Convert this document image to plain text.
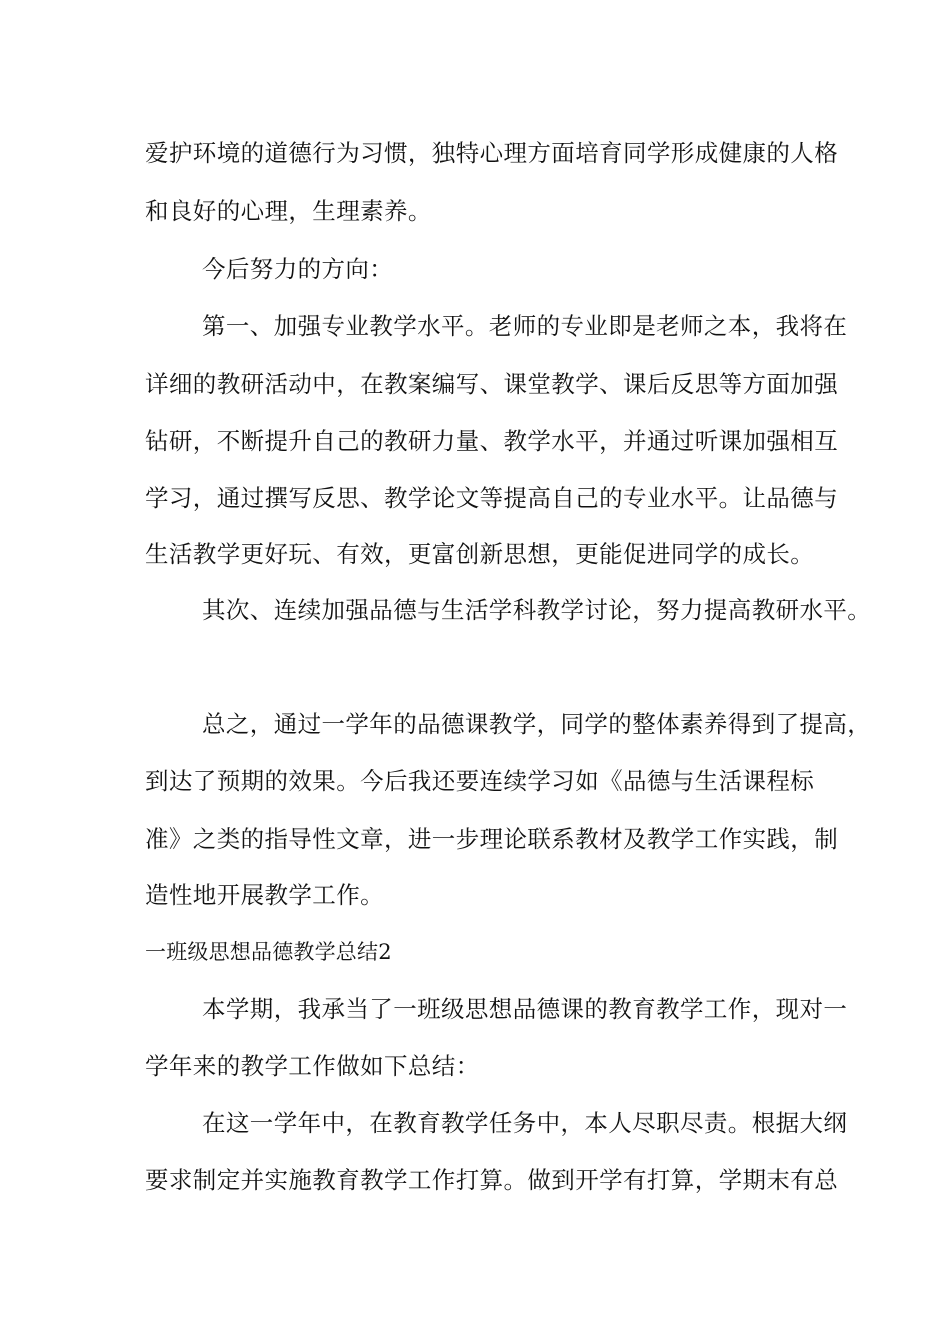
爱护环境的道德行为习惯，独特心理方面培育同学形成健康的人格

和良好的心理，生理素养。

今后努力的方向：

第一、加强专业教学水平。老师的专业即是老师之本，我将在

详细的教研活动中，在教案编写、课堂教学、课后反思等方面加强

钻研，不断提升自己的教研力量、教学水平，并通过听课加强相互

学习，通过撰写反思、教学论文等提高自己的专业水平。让品德与

生活教学更好玩、有效，更富创新思想，更能促进同学的成长。

其次、连续加强品德与生活学科教学讨论，努力提高教研水平。

总之，通过一学年的品德课教学，同学的整体素养得到了提高，

到达了预期的效果。今后我还要连续学习如《品德与生活课程标

准》之类的指导性文章，进一步理论联系教材及教学工作实践，制

造性地开展教学工作。

一班级思想品德教学总结2

本学期，我承当了一班级思想品德课的教育教学工作，现对一

学年来的教学工作做如下总结：

在这一学年中，在教育教学任务中，本人尽职尽责。根据大纲

要求制定并实施教育教学工作打算。做到开学有打算，学期末有总
